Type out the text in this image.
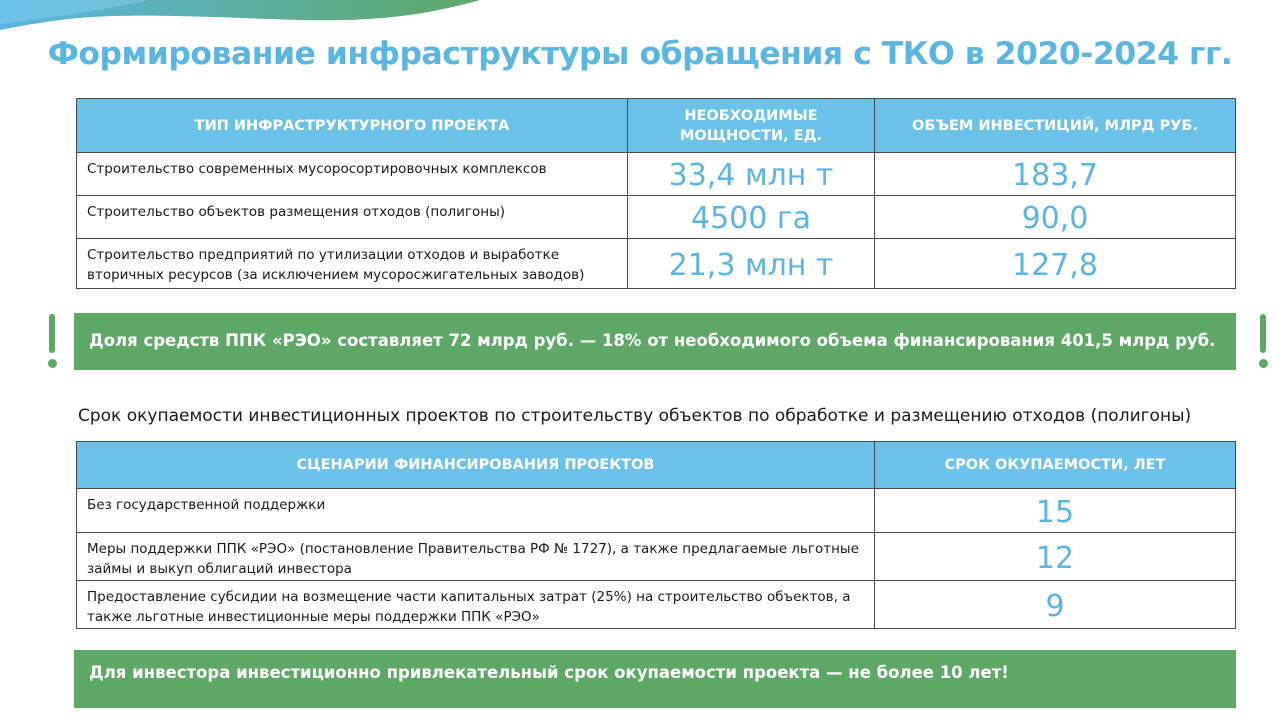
Формирование инфраструктуры обращения с ТКО в 2020-2024 гг.
ТИП ИНФРАСТРУКТУРНОГО ПРОЕКТА	НЕОБХОДИМЫЕ МОЩНОСТИ, ЕД.	ОБЪЕМ ИНВЕСТИЦИЙ, МЛРД РУБ.
Строительство современных мусоросортировочных комплексов	33,4 млн т	183,7
Строительство объектов размещения отходов (полигоны)	4500 га	90,0
Строительство предприятий по утилизации отходов и выработке вторичных ресурсов (за исключением мусоросжигательных заводов)	21,3 млн т	127,8
Доля средств ППК «РЭО» составляет 72 млрд руб. — 18% от необходимого объема финансирования 401,5 млрд руб.
Срок окупаемости инвестиционных проектов по строительству объектов по обработке и размещению отходов (полигоны)
СЦЕНАРИИ ФИНАНСИРОВАНИЯ ПРОЕКТОВ	СРОК ОКУПАЕМОСТИ, ЛЕТ
Без государственной поддержки	15
Меры поддержки ППК «РЭО» (постановление Правительства РФ № 1727), а также предлагаемые льготные займы и выкуп облигаций инвестора	12
Предоставление субсидии на возмещение части капитальных затрат (25%) на строительство объектов, а также льготные инвестиционные меры поддержки ППК «РЭО»	9
Для инвестора инвестиционно привлекательный срок окупаемости проекта — не более 10 лет!
